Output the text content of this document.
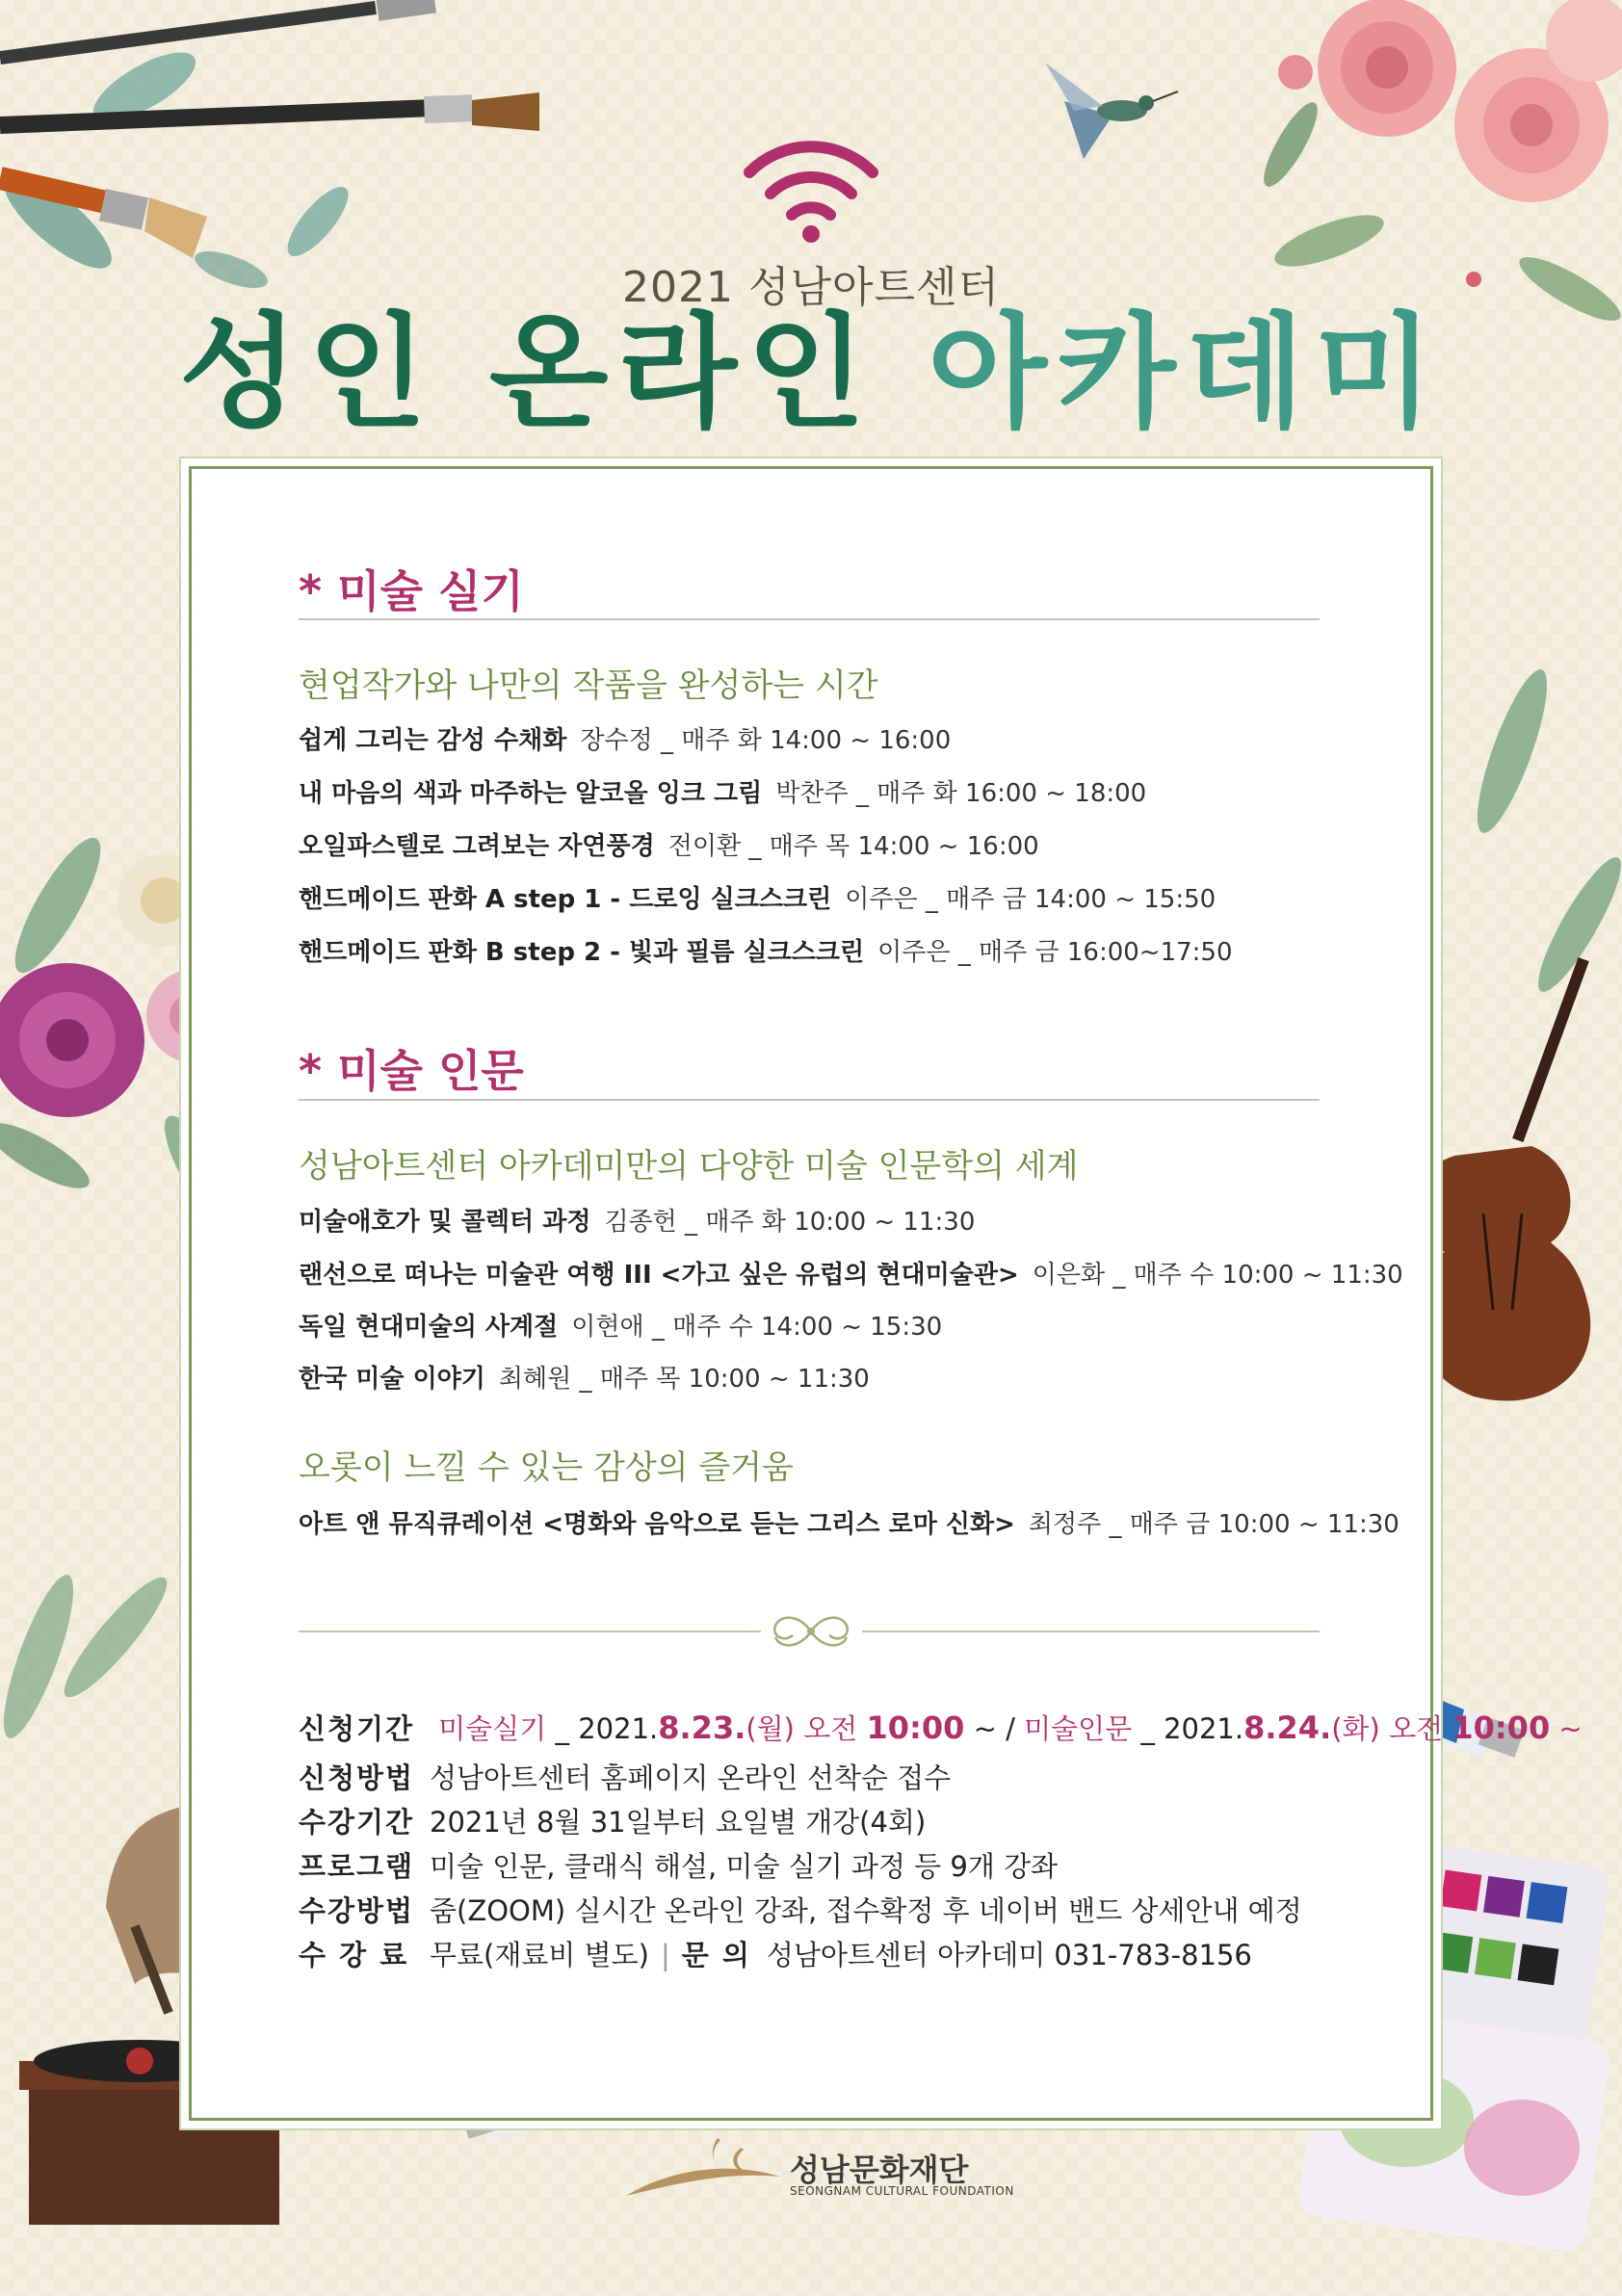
2021 성남아트센터
성인 온라인 아카데미
* 미술 실기
현업작가와 나만의 작품을 완성하는 시간
쉽게 그리는 감성 수채화 장수정 _ 매주 화 14:00 ~ 16:00
내 마음의 색과 마주하는 알코올 잉크 그림 박찬주 _ 매주 화 16:00 ~ 18:00
오일파스텔로 그려보는 자연풍경 전이환 _ 매주 목 14:00 ~ 16:00
핸드메이드 판화 A step 1 - 드로잉 실크스크린 이주은 _ 매주 금 14:00 ~ 15:50
핸드메이드 판화 B step 2 - 빛과 필름 실크스크린 이주은 _ 매주 금 16:00~17:50
* 미술 인문
성남아트센터 아카데미만의 다양한 미술 인문학의 세계
미술애호가 및 콜렉터 과정 김종헌 _ 매주 화 10:00 ~ 11:30
랜선으로 떠나는 미술관 여행 III <가고 싶은 유럽의 현대미술관> 이은화 _ 매주 수 10:00 ~ 11:30
독일 현대미술의 사계절 이현애 _ 매주 수 14:00 ~ 15:30
한국 미술 이야기 최혜원 _ 매주 목 10:00 ~ 11:30
오롯이 느낄 수 있는 감상의 즐거움
아트 앤 뮤직큐레이션 <명화와 음악으로 듣는 그리스 로마 신화> 최정주 _ 매주 금 10:00 ~ 11:30
신청기간 미술실기 _ 2021.8.23.(월) 오전 10:00 ~ / 미술인문 _ 2021.8.24.(화) 오전 10:00 ~
신청방법 성남아트센터 홈페이지 온라인 선착순 접수
수강기간 2021년 8월 31일부터 요일별 개강(4회)
프로그램 미술 인문, 클래식 해설, 미술 실기 과정 등 9개 강좌
수강방법 줌(ZOOM) 실시간 온라인 강좌, 접수확정 후 네이버 밴드 상세안내 예정
수 강 료 무료(재료비 별도) | 문 의 성남아트센터 아카데미 031-783-8156
성남문화재단
SEONGNAM CULTURAL FOUNDATION
